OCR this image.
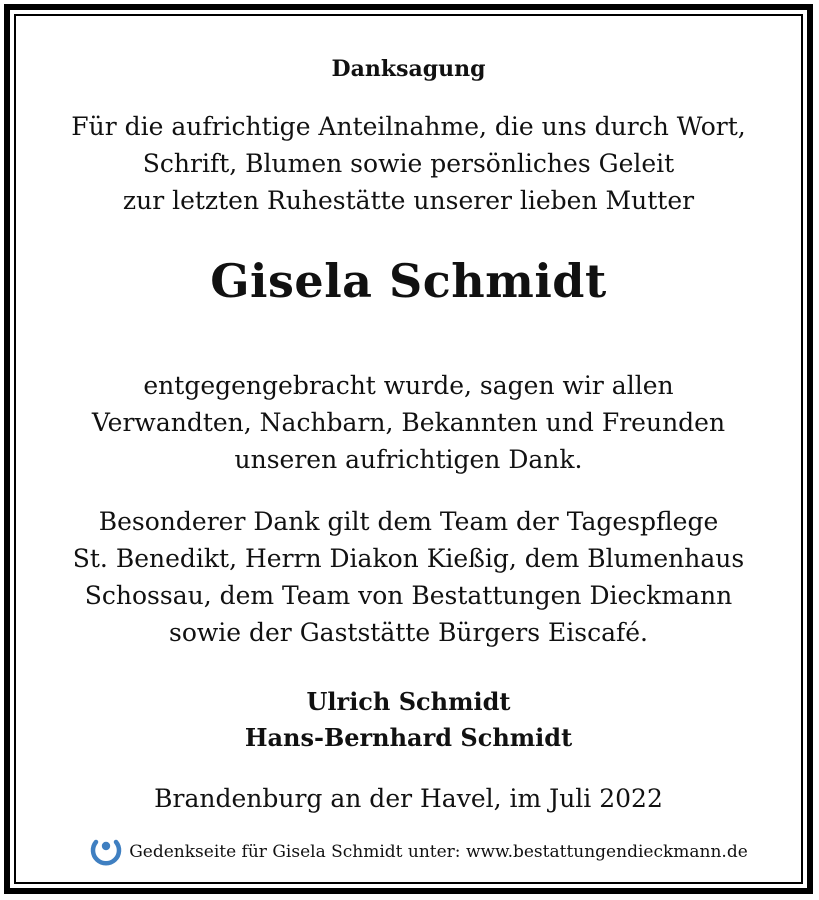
Danksagung
Für die aufrichtige Anteilnahme, die uns durch Wort,
Schrift, Blumen sowie persönliches Geleit
zur letzten Ruhestätte unserer lieben Mutter
Gisela Schmidt
entgegengebracht wurde, sagen wir allen
Verwandten, Nachbarn, Bekannten und Freunden
unseren aufrichtigen Dank.
Besonderer Dank gilt dem Team der Tagespflege
St. Benedikt, Herrn Diakon Kießig, dem Blumenhaus
Schossau, dem Team von Bestattungen Dieckmann
sowie der Gaststätte Bürgers Eiscafé.
Ulrich Schmidt
Hans-Bernhard Schmidt
Brandenburg an der Havel, im Juli 2022
Gedenkseite für Gisela Schmidt unter: www.bestattungendieckmann.de
